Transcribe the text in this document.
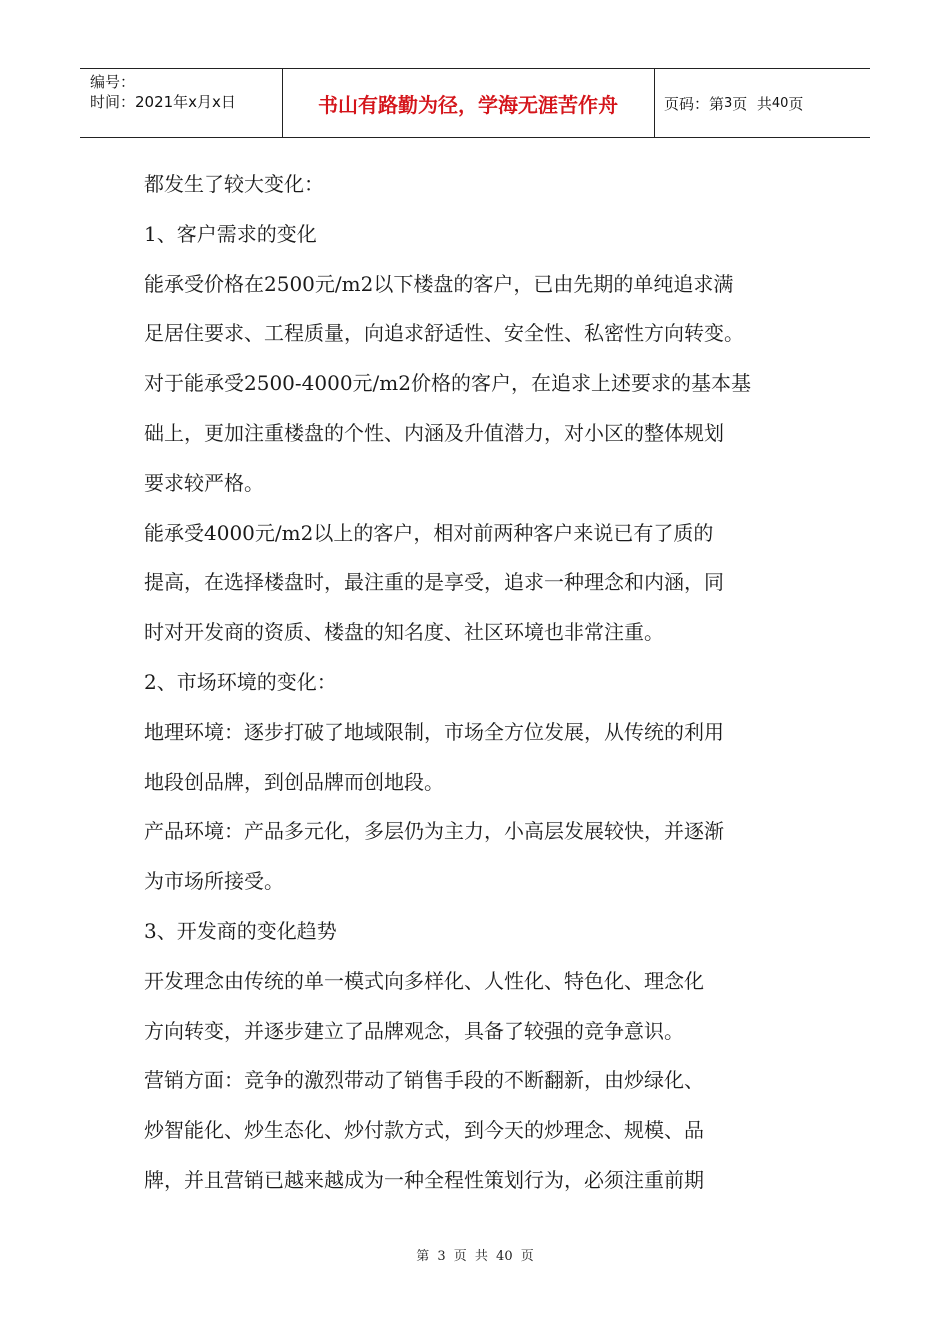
编号：
时间：2021年x月x日	书山有路勤为径，学海无涯苦作舟	页码：第 3 页  共 40 页
都发生了较大变化：
1、客户需求的变化
能承受价格在2500元/m2以下楼盘的客户，已由先期的单纯追求满
足居住要求、工程质量，向追求舒适性、安全性、私密性方向转变。
对于能承受2500-4000元/m2价格的客户，在追求上述要求的基本基
础上，更加注重楼盘的个性、内涵及升值潜力，对小区的整体规划
要求较严格。
能承受4000元/m2以上的客户，相对前两种客户来说已有了质的
提高，在选择楼盘时，最注重的是享受，追求一种理念和内涵，同
时对开发商的资质、楼盘的知名度、社区环境也非常注重。
2、市场环境的变化：
地理环境：逐步打破了地域限制，市场全方位发展，从传统的利用
地段创品牌，到创品牌而创地段。
产品环境：产品多元化，多层仍为主力，小高层发展较快，并逐渐
为市场所接受。
3、开发商的变化趋势
开发理念由传统的单一模式向多样化、人性化、特色化、理念化
方向转变，并逐步建立了品牌观念，具备了较强的竞争意识。
营销方面：竞争的激烈带动了销售手段的不断翻新，由炒绿化、
炒智能化、炒生态化、炒付款方式，到今天的炒理念、规模、品
牌，并且营销已越来越成为一种全程性策划行为，必须注重前期
第 3 页 共 40 页
